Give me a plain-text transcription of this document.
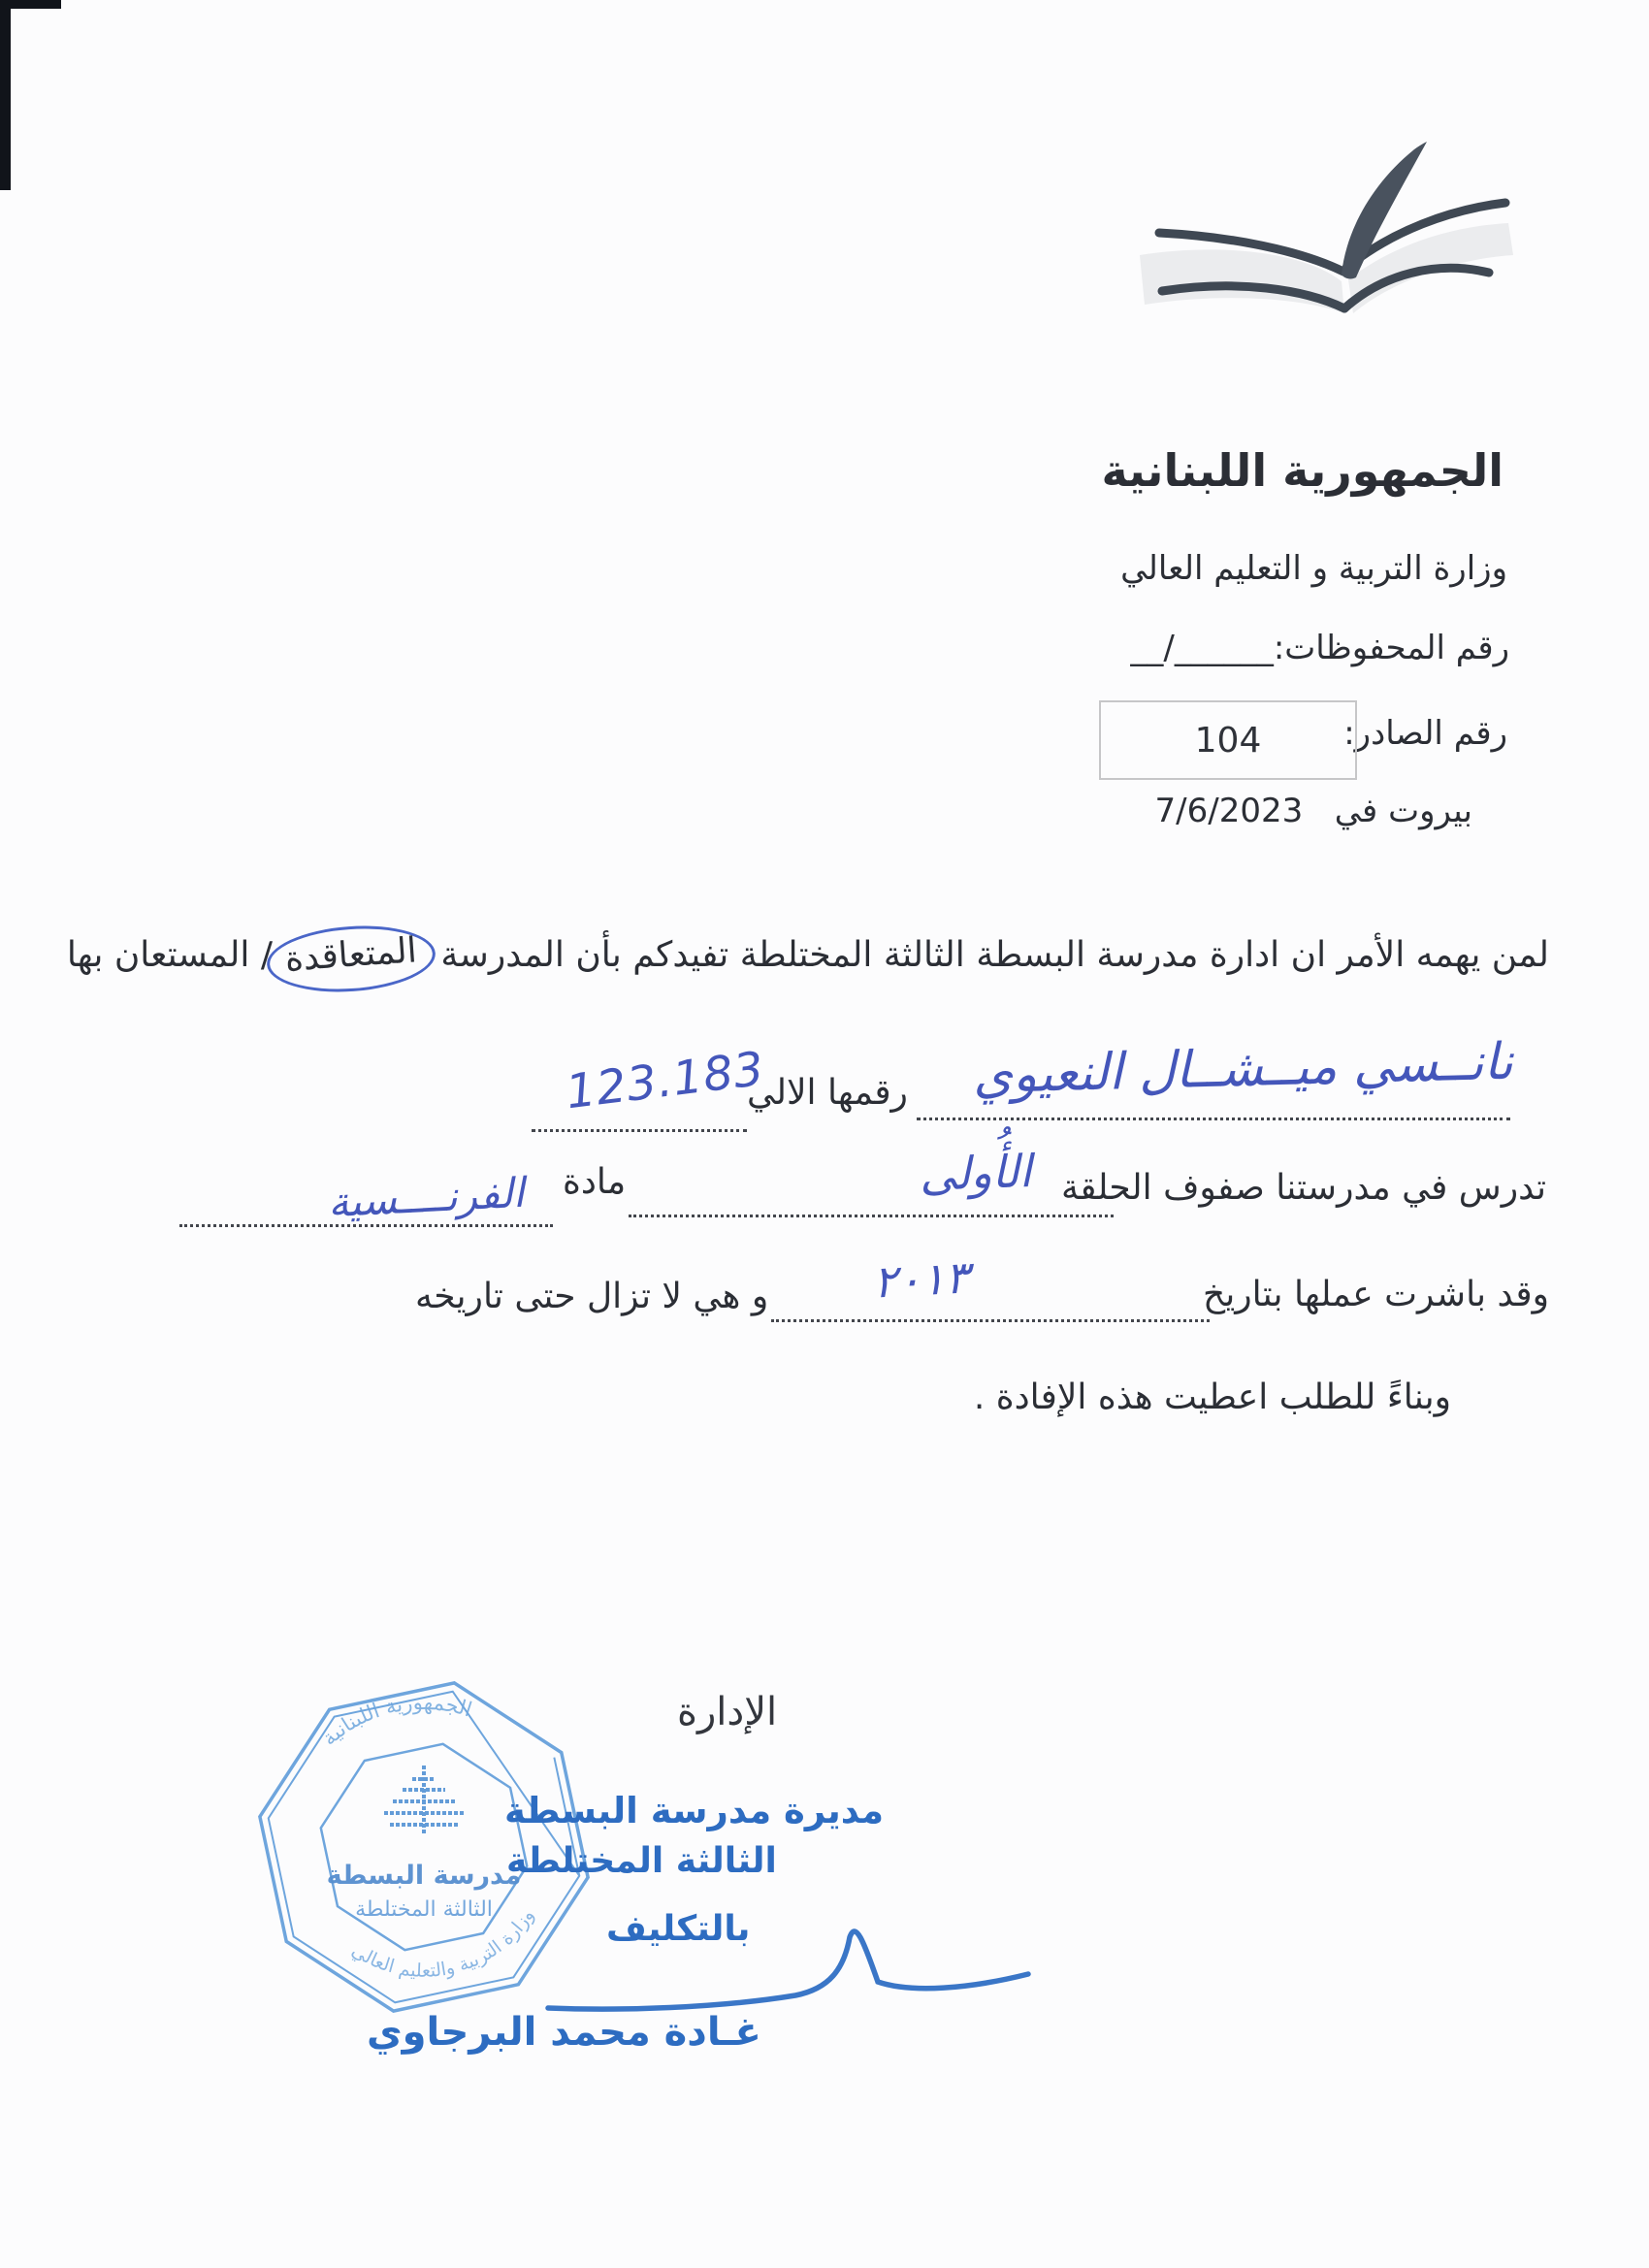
الجمهورية اللبنانية
وزارة التربية و التعليم العالي
رقم المحفوظات:______/__
رقم الصادر:
104
بيروت في   7/6/2023
لمن يهمه الأمر ان ادارة مدرسة البسطة الثالثة المختلطة تفيدكم بأن المدرسة المتعاقدة/ المستعان بها
نانــسي ميــشــال النعيوي
رقمها الالي
123.183
تدرس في مدرستنا صفوف الحلقة
الأُولى
مادة
الفرنــــسية
وقد باشرت عملها بتاريخ
٢٠١٣
و هي لا تزال حتى تاريخه
وبناءً للطلب اعطيت هذه الإفادة .
الإدارة
مدرسة البسطة
الثالثة المختلطة
الجمهورية اللبنانية
وزارة التربية والتعليم العالي
مديرة مدرسة البسطة
الثالثة المختلطة
بالتكليف
غـادة محمد البرجاوي
